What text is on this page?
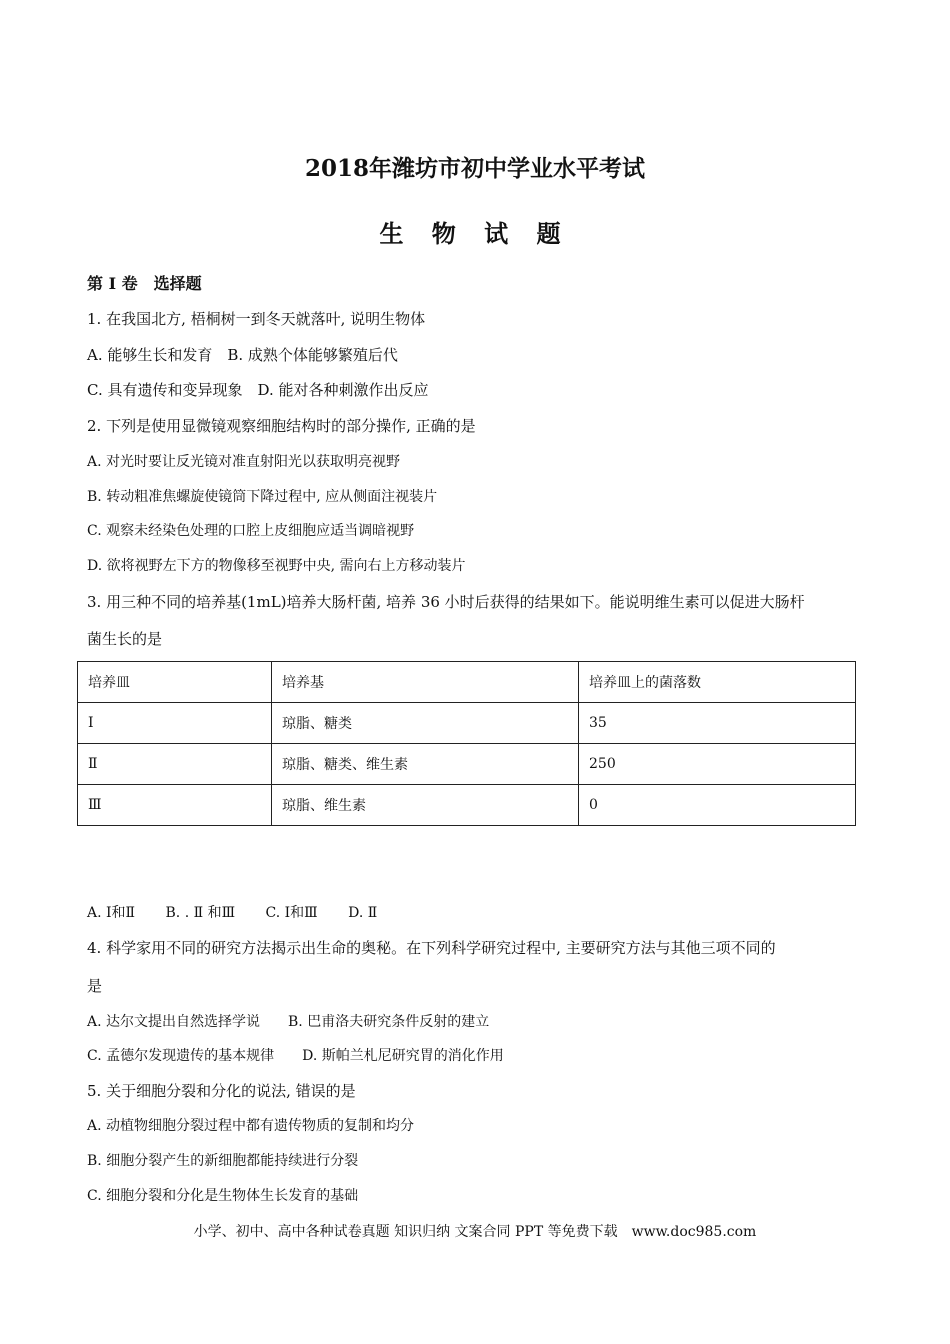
2018年潍坊市初中学业水平考试
生 物 试 题
第 Ⅰ 卷　选择题
1. 在我国北方, 梧桐树一到冬天就落叶, 说明生物体
A. 能够生长和发育　B. 成熟个体能够繁殖后代
C. 具有遗传和变异现象　D. 能对各种刺激作出反应
2. 下列是使用显微镜观察细胞结构时的部分操作, 正确的是
A. 对光时要让反光镜对准直射阳光以获取明亮视野
B. 转动粗准焦螺旋使镜筒下降过程中, 应从侧面注视装片
C. 观察未经染色处理的口腔上皮细胞应适当调暗视野
D. 欲将视野左下方的物像移至视野中央, 需向右上方移动装片
3. 用三种不同的培养基(1mL)培养大肠杆菌, 培养 36 小时后获得的结果如下。能说明维生素可以促进大肠杆
菌生长的是
培养皿	培养基	培养皿上的菌落数
Ⅰ	琼脂、糖类	35
Ⅱ	琼脂、糖类、维生素	250
Ⅲ	琼脂、维生素	0
A. Ⅰ和Ⅱ B. . Ⅱ 和Ⅲ C. Ⅰ和Ⅲ D. Ⅱ
4. 科学家用不同的研究方法揭示出生命的奥秘。在下列科学研究过程中, 主要研究方法与其他三项不同的
是
A. 达尔文提出自然选择学说　　B. 巴甫洛夫研究条件反射的建立
C. 孟德尔发现遗传的基本规律　　D. 斯帕兰札尼研究胃的消化作用
5. 关于细胞分裂和分化的说法, 错误的是
A. 动植物细胞分裂过程中都有遗传物质的复制和均分
B. 细胞分裂产生的新细胞都能持续进行分裂
C. 细胞分裂和分化是生物体生长发育的基础
小学、初中、高中各种试卷真题 知识归纳 文案合同 PPT 等免费下载　www.doc985.com
